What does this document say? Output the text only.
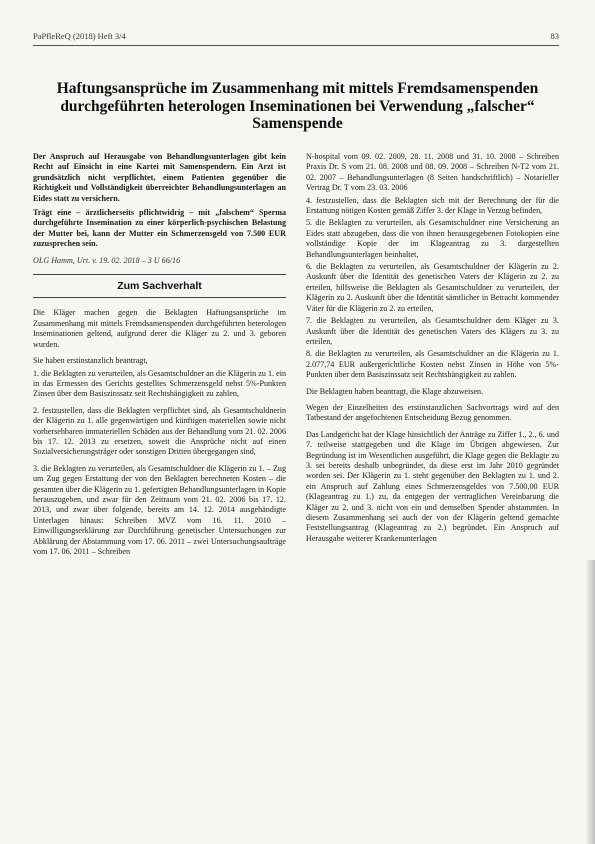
PaPfleReQ (2018) Heft 3/4	83
Haftungsansprüche im Zusammenhang mit mittels Fremdsamenspenden durchgeführten heterologen Inseminationen bei Verwendung „falscher“ Samenspende

Der Anspruch auf Herausgabe von Behandlungsunterlagen gibt kein Recht auf Einsicht in eine Kartei mit Samenspendern. Ein Arzt ist grundsätzlich nicht verpflichtet, einem Patienten gegenüber die Richtigkeit und Vollständigkeit überreichter Behandlungsunterlagen an Eides statt zu versichern.

Trägt eine – ärztlicherseits pflichtwidrig – mit „falschem“ Sperma durchgeführte Insemination zu einer körperlich-psychischen Belastung der Mutter bei, kann der Mutter ein Schmerzensgeld von 7.500 EUR zuzusprechen sein.

OLG Hamm, Urt. v. 19. 02. 2018 – 3 U 66/16

Zum Sachverhalt

Die Kläger machen gegen die Beklagten Haftungsansprüche im Zusammenhang mit mittels Fremdsamenspenden durchgeführten heterologen Inseminationen geltend, aufgrund derer die Kläger zu 2. und 3. geboren wurden.

Sie haben erstinstanzlich beantragt,

1. die Beklagten zu verurteilen, als Gesamtschuldner an die Klägerin zu 1. ein in das Ermessen des Gerichts gestelltes Schmerzensgeld nebst 5%-Punkten Zinsen über dem Basiszinssatz seit Rechtshängigkeit zu zahlen,

2. festzustellen, dass die Beklagten verpflichtet sind, als Gesamtschuldnerin der Klägerin zu 1. alle gegenwärtigen und künftigen materiellen sowie nicht vorhersehbaren immateriellen Schäden aus der Behandlung vom 21. 02. 2006 bis 17. 12. 2013 zu ersetzen, soweit die Ansprüche nicht auf einen Sozialversicherungsträger oder sonstigen Dritten übergegangen sind,

3. die Beklagten zu verurteilen, als Gesamtschuldner die Klägerin zu 1. – Zug um Zug gegen Erstattung der von den Beklagten berechneten Kosten – die gesamten über die Klägerin zu 1. gefertigten Behandlungsunterlagen in Kopie herauszugeben, und zwar für den Zeitraum vom 21. 02. 2006 bis 17. 12. 2013, und zwar über folgende, bereits am 14. 12. 2014 ausgehändigte Unterlagen hinaus: Schreiben MVZ vom 16. 11. 2010 – Einwilligungserklärung zur Durchführung genetischer Untersuchungen zur Abklärung der Abstammung vom 17. 06. 2011 – zwei Untersuchungsaufträge vom 17. 06. 2011 – Schreiben

N-hospital vom 09. 02. 2009, 28. 11. 2008 und 31. 10. 2008 – Schreiben Praxis Dr. S vom 21. 08. 2008 und 08. 09. 2008 – Schreiben N-T2 vom 21. 02. 2007 – Behandlungsunterlagen (8 Seiten handschriftlich) – Notarieller Vertrag Dr. T vom 23. 03. 2006

4. festzustellen, dass die Beklagten sich mit der Berechnung der für die Erstattung nötigen Kosten gemäß Ziffer 3. der Klage in Verzug befinden,

5. die Beklagten zu verurteilen, als Gesamtschuldner eine Versicherung an Eides statt abzugeben, dass die von ihnen herausgegebenen Fotokopien eine vollständige Kopie der im Klageantrag zu 3. dargestellten Behandlungsunterlagen beinhaltet,

6. die Beklagten zu verurteilen, als Gesamtschuldner der Klägerin zu 2. Auskunft über die Identität des genetischen Vaters der Klägerin zu 2. zu erteilen, hilfsweise die Beklagten als Gesamtschuldner zu verurteilen, der Klägerin zu 2. Auskunft über die Identität sämtlicher in Betracht kommender Väter für die Klägerin zu 2. zu erteilen,

7. die Beklagten zu verurteilen, als Gesamtschuldner dem Kläger zu 3. Auskunft über die Identität des genetischen Vaters des Klägers zu 3. zu erteilen,

8. die Beklagten zu verurteilen, als Gesamtschuldner an die Klägerin zu 1. 2.077,74 EUR außergerichtliche Kosten nebst Zinsen in Höhe von 5%-Punkten über dem Basiszinssatz seit Rechtshängigkeit zu zahlen.

Die Beklagten haben beantragt, die Klage abzuweisen.

Wegen der Einzelheiten des erstinstanzlichen Sachvortrags wird auf den Tatbestand der angefochtenen Entscheidung Bezug genommen.

Das Landgericht hat der Klage hinsichtlich der Anträge zu Ziffer 1., 2., 6. und 7. teilweise stattgegeben und die Klage im Übrigen abgewiesen. Zur Begründung ist im Wesentlichen ausgeführt, die Klage gegen die Beklagte zu 3. sei bereits deshalb unbegründet, da diese erst im Jahr 2010 gegründet worden sei. Der Klägerin zu 1. steht gegenüber den Beklagten zu 1. und 2. ein Anspruch auf Zahlung eines Schmerzensgeldes von 7.500,00 EUR (Klageantrag zu 1.) zu, da entgegen der vertraglichen Vereinbarung die Kläger zu 2. und 3. nicht von ein und demselben Spender abstammten. In diesem Zusammenhang sei auch der von der Klägerin geltend gemachte Feststellungsantrag (Klageantrag zu 2.) begründet. Ein Anspruch auf Herausgabe weiterer Krankenunterlagen
